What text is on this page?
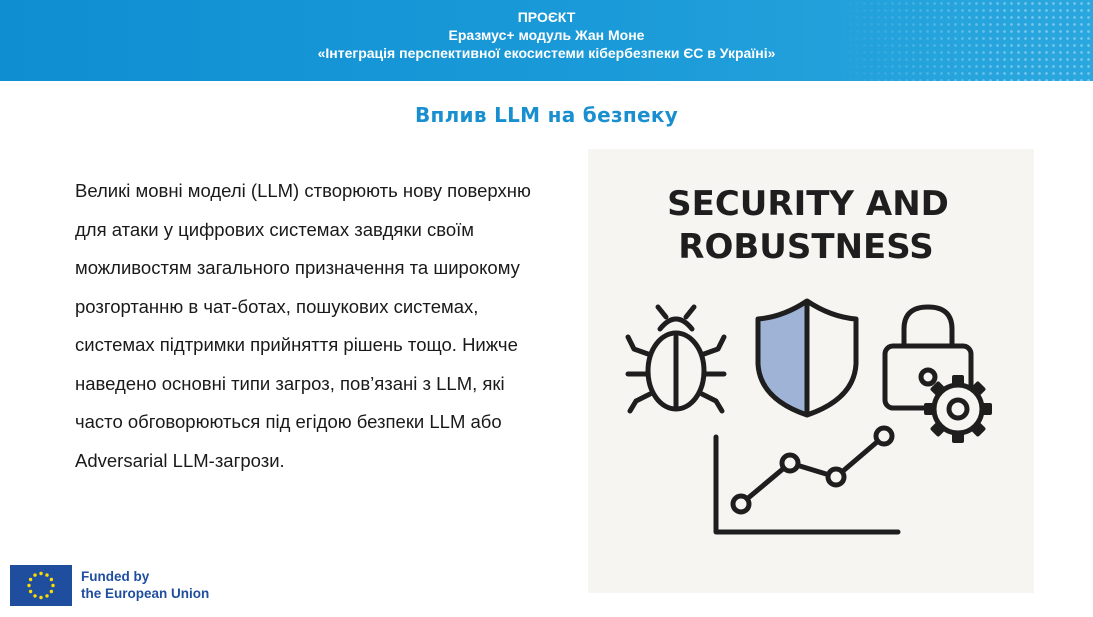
ПРОЄКТ
Еразмус+ модуль Жан Моне
«Інтеграція перспективної екосистеми кібербезпеки ЄС в Україні»
Вплив LLM на безпеку
Великі мовні моделі (LLM) створюють нову поверхню для атаки у цифрових системах завдяки своїм можливостям загального призначення та широкому розгортанню в чат-ботах, пошукових системах, системах підтримки прийняття рішень тощо. Нижче наведено основні типи загроз, пов’язані з LLM, які часто обговорюються під егідою безпеки LLM або Adversarial LLM-загрози.
SECURITY AND
ROBUSTNESS
Funded by
the European Union
